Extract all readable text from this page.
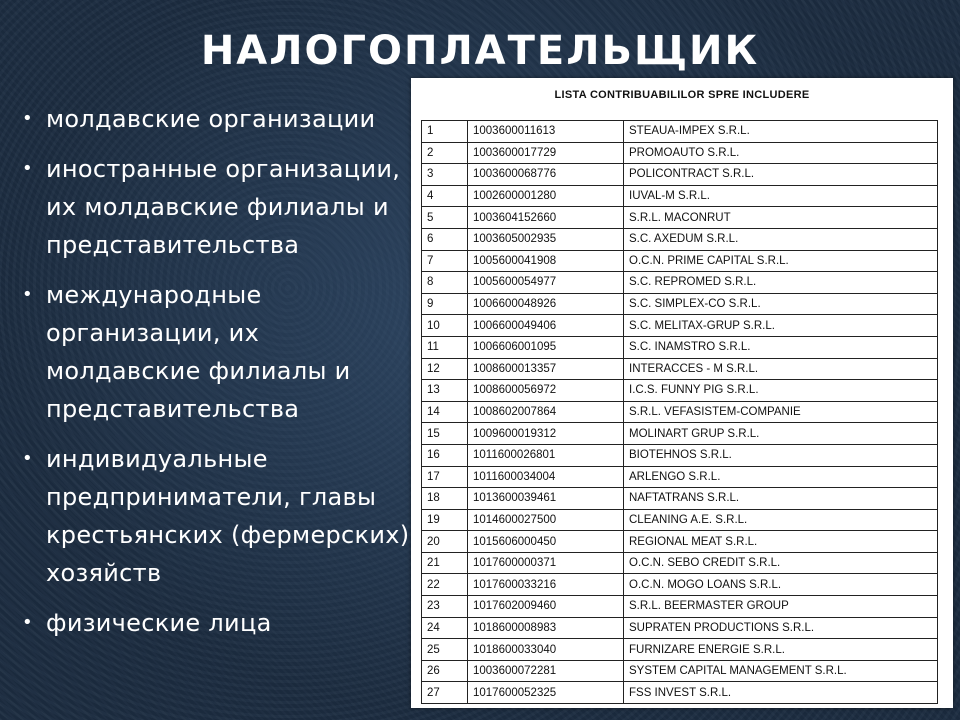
НАЛОГОПЛАТЕЛЬЩИК
• молдавские организации
• иностранные организации, их молдавские филиалы и представительства
• международные организации, их молдавские филиалы и представительства
• индивидуальные предприниматели, главы крестьянских (фермерских) хозяйств
• физические лица
LISTA CONTRIBUABILILOR SPRE INCLUDERE
1	1003600011613	STEAUA-IMPEX S.R.L.
2	1003600017729	PROMOAUTO S.R.L.
3	1003600068776	POLICONTRACT S.R.L.
4	1002600001280	IUVAL-M S.R.L.
5	1003604152660	S.R.L. MACONRUT
6	1003605002935	S.C. AXEDUM S.R.L.
7	1005600041908	O.C.N. PRIME CAPITAL S.R.L.
8	1005600054977	S.C. REPROMED S.R.L.
9	1006600048926	S.C. SIMPLEX-CO S.R.L.
10	1006600049406	S.C. MELITAX-GRUP S.R.L.
11	1006606001095	S.C. INAMSTRO S.R.L.
12	1008600013357	INTERACCES - M S.R.L.
13	1008600056972	I.C.S. FUNNY PIG S.R.L.
14	1008602007864	S.R.L. VEFASISTEM-COMPANIE
15	1009600019312	MOLINART GRUP S.R.L.
16	1011600026801	BIOTEHNOS S.R.L.
17	1011600034004	ARLENGO S.R.L.
18	1013600039461	NAFTATRANS S.R.L.
19	1014600027500	CLEANING A.E. S.R.L.
20	1015606000450	REGIONAL MEAT S.R.L.
21	1017600000371	O.C.N. SEBO CREDIT S.R.L.
22	1017600033216	O.C.N. MOGO LOANS S.R.L.
23	1017602009460	S.R.L. BEERMASTER GROUP
24	1018600008983	SUPRATEN PRODUCTIONS S.R.L.
25	1018600033040	FURNIZARE ENERGIE S.R.L.
26	1003600072281	SYSTEM CAPITAL MANAGEMENT S.R.L.
27	1017600052325	FSS INVEST S.R.L.
